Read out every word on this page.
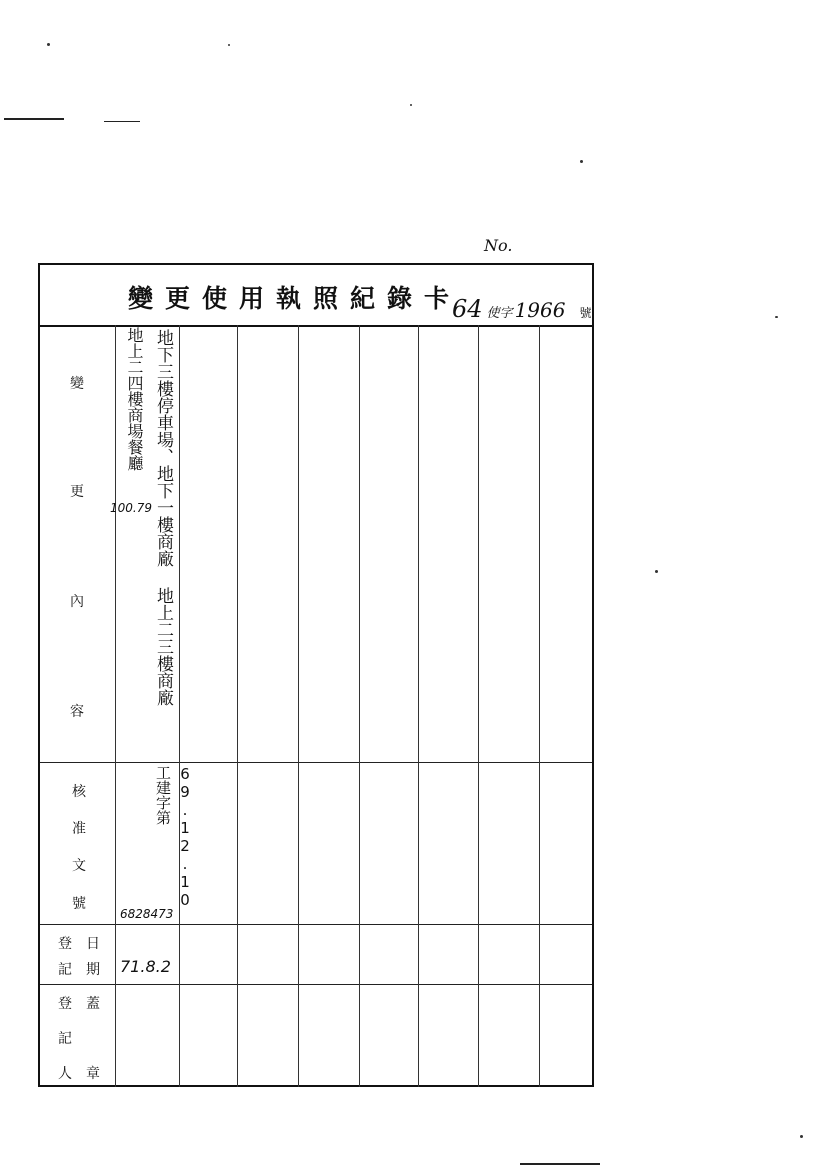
No.
變更使用執照紀錄卡
64 使字 1966 號
變
更
內
容
核
准
文
號
登
記
日
期
登
記
人
蓋
章
地下三樓停車場、地下一樓商廠 地上二三樓商廠
地上二四樓商場餐廳
100.79
69.12.10工建字第
6828473
71.8.2
